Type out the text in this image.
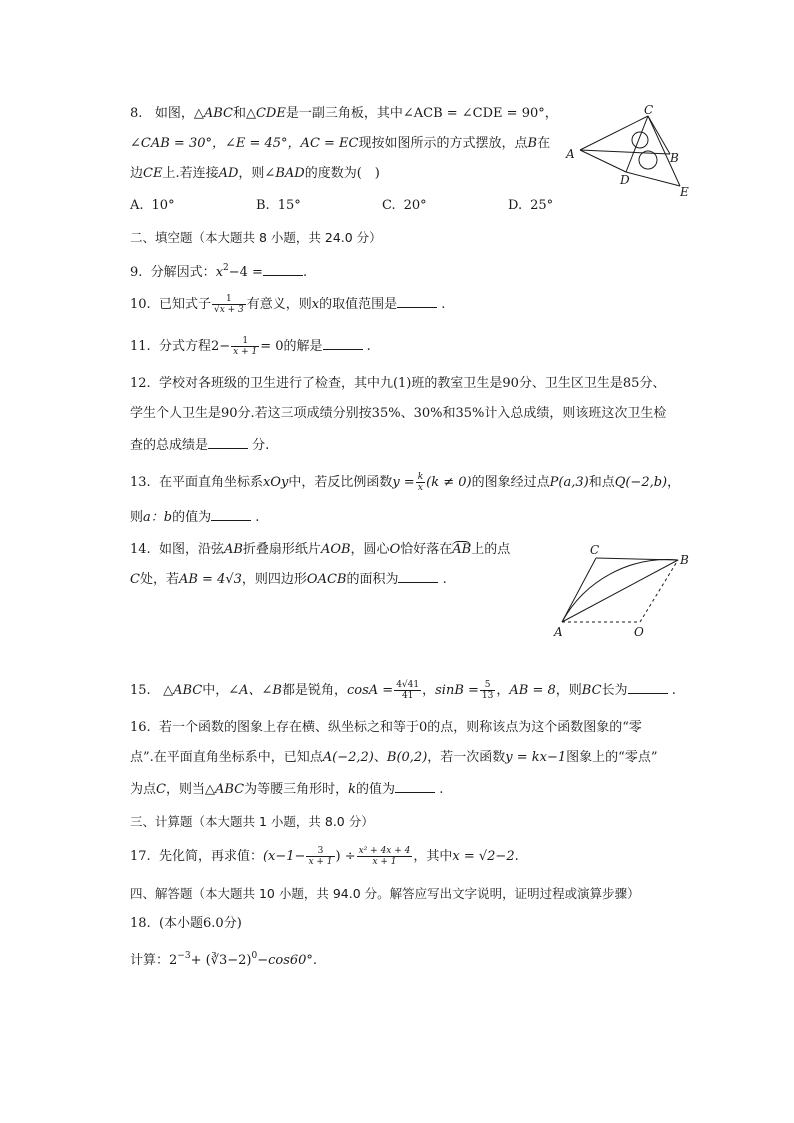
8. 如图，△ABC和△CDE是一副三角板，其中∠ACB = ∠CDE = 90°，
∠CAB = 30°，∠E = 45°，AC = EC现按如图所示的方式摆放，点B在
边CE上.若连接AD，则∠BAD的度数为(　)
A. 10°	B. 15°	C. 20°	D. 25°
A
C
B
D
E
二、填空题（本大题共 8 小题，共 24.0 分）
9. 分解因式：$x^2-4$ =	.
10. 已知式子 $\frac{1}{√x + 3}$ 有意义，则x的取值范围是	.
11. 分式方程$2- \frac{1}{x + 1} = 0$的解是	.
12. 学校对各班级的卫生进行了检查，其中九(1)班的教室卫生是90分、卫生区卫生是85分、
学生个人卫生是90分.若这三项成绩分别按35%、30%和35%计入总成绩，则该班这次卫生检
查的总成绩是	分.
13. 在平面直角坐标系xOy中，若反比例函数$y = \frac{k}{x} (k \ne 0)$的图象经过点P(a,3)和点Q(−2,b)，
则a：b的值为	.
14. 如图，沿弦AB折叠扇形纸片AOB，圆心O恰好落在AB上的点
C处，若AB = 4√3，则四边形OACB的面积为	.
A
C
B
O
15. △ABC中，∠A、∠B都是锐角，$\cos A = \frac{4√41}{41}$ ，$\sin B = \frac{5}{13}$ ，AB = 8，则BC长为	.
16. 若一个函数的图象上存在横、纵坐标之和等于0的点，则称该点为这个函数图象的“零
点”.在平面直角坐标系中，已知点A(−2,2)、B(0,2)，若一次函数y = kx−1图象上的“零点”
为点C，则当△ABC为等腰三角形时，k的值为	.
三、计算题（本大题共 1 小题，共 8.0 分）
17. 先化简，再求值：($x-1- \frac{3}{x + 1}$ ) ÷ $\frac{\text{x² + 4x + 4}}{x + 1}$ ，其中x = √2−2.
四、解答题（本大题共 10 小题，共 94.0 分。解答应写出文字说明，证明过程或演算步骤）
18. (本小题6.0分)
计算：$2^{-3}+$ (∛3−2)$^0$−cos60°.
